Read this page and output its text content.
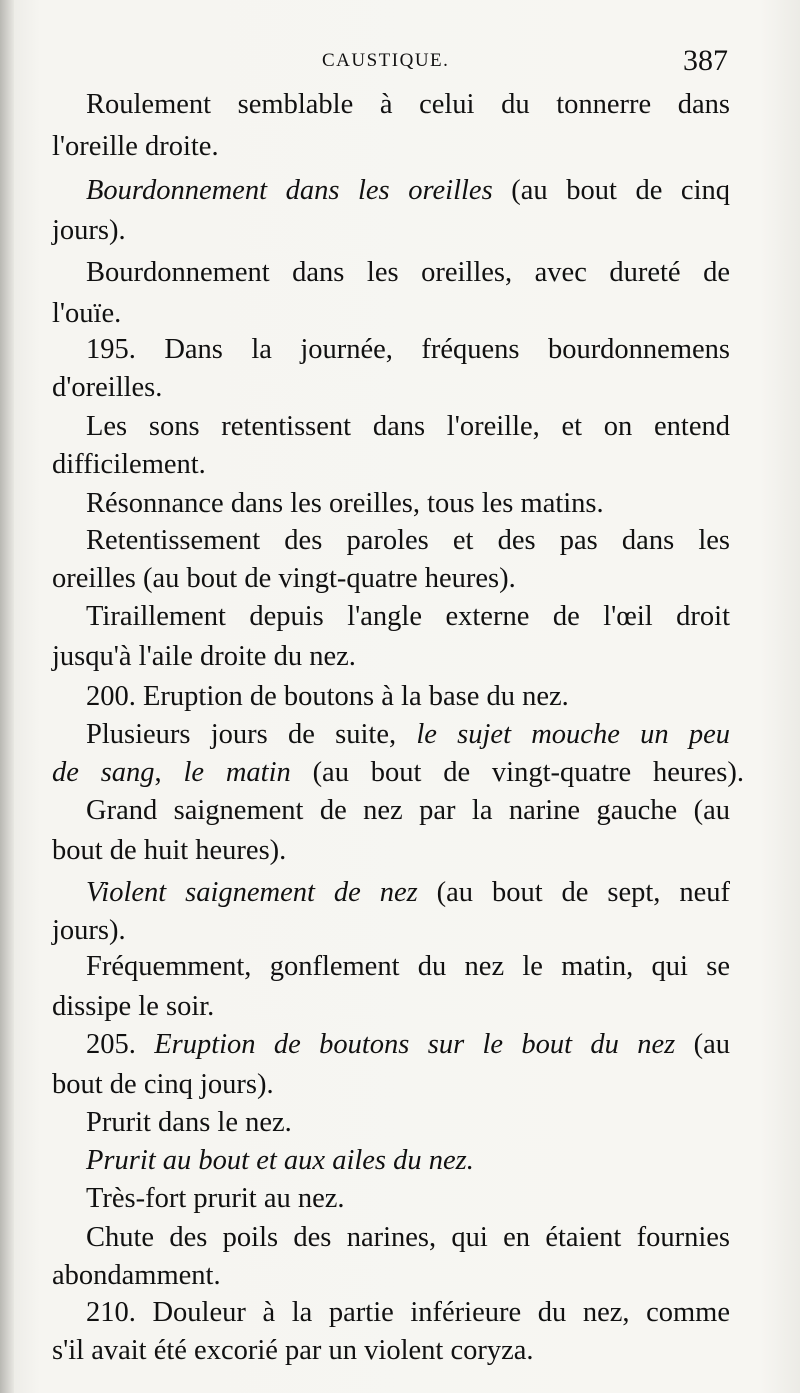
CAUSTIQUE.	387
Roulement semblable à celui du tonnerre dans
l'oreille droite.
Bourdonnement dans les oreilles (au bout de cinq
jours).
Bourdonnement dans les oreilles, avec dureté de
l'ouïe.
195. Dans la journée, fréquens bourdonnemens
d'oreilles.
Les sons retentissent dans l'oreille, et on entend
difficilement.
Résonnance dans les oreilles, tous les matins.
Retentissement des paroles et des pas dans les
oreilles (au bout de vingt-quatre heures).
Tiraillement depuis l'angle externe de l'œil droit
jusqu'à l'aile droite du nez.
200. Eruption de boutons à la base du nez.
Plusieurs jours de suite, le sujet mouche un peu
de sang, le matin (au bout de vingt-quatre heures).
Grand saignement de nez par la narine gauche (au
bout de huit heures).
Violent saignement de nez (au bout de sept, neuf
jours).
Fréquemment, gonflement du nez le matin, qui se
dissipe le soir.
205. Eruption de boutons sur le bout du nez (au
bout de cinq jours).
Prurit dans le nez.
Prurit au bout et aux ailes du nez.
Très-fort prurit au nez.
Chute des poils des narines, qui en étaient fournies
abondamment.
210. Douleur à la partie inférieure du nez, comme
s'il avait été excorié par un violent coryza.
